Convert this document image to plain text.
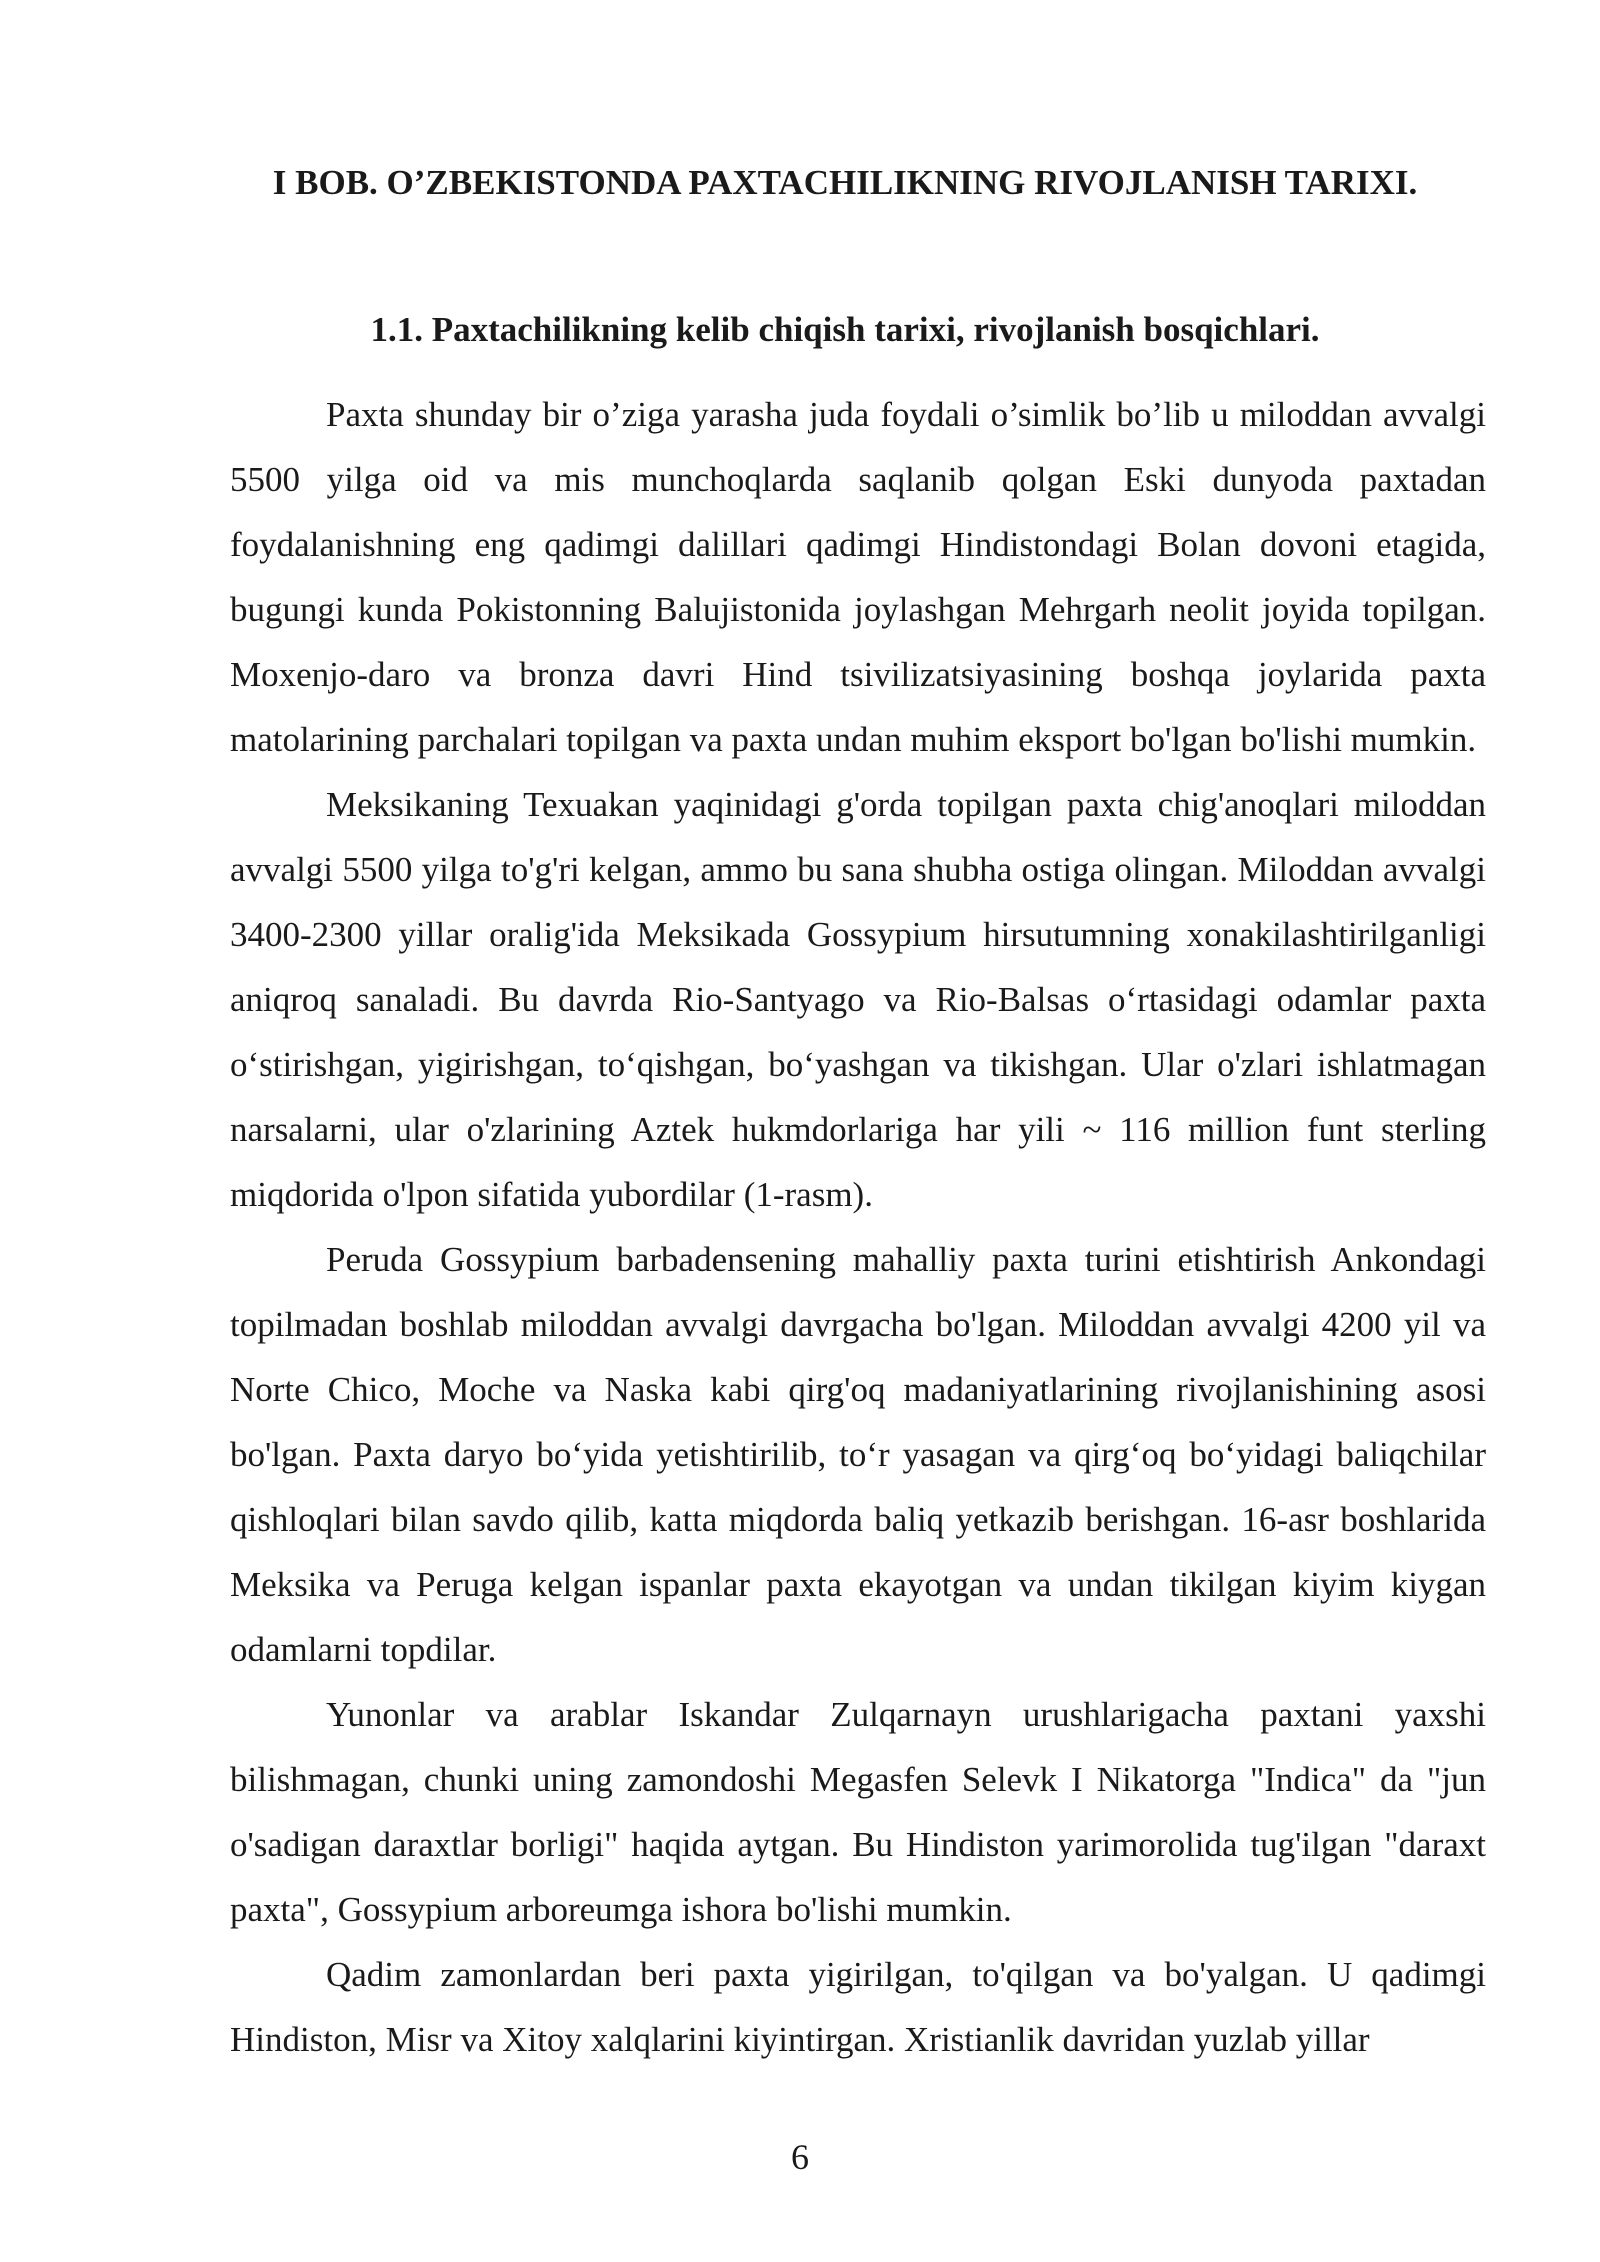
I BOB. O’ZBEKISTONDA PAXTACHILIKNING RIVOJLANISH TARIXI.
1.1. Paxtachilikning kelib chiqish tarixi, rivojlanish bosqichlari.

Paxta shunday bir o’ziga yarasha juda foydali o’simlik bo’lib u miloddan avvalgi 5500 yilga oid va mis munchoqlarda saqlanib qolgan Eski dunyoda paxtadan foydalanishning eng qadimgi dalillari qadimgi Hindistondagi Bolan dovoni etagida, bugungi kunda Pokistonning Balujistonida joylashgan Mehrgarh neolit joyida topilgan. Moxenjo-daro va bronza davri Hind tsivilizatsiyasining boshqa joylarida paxta matolarining parchalari topilgan va paxta undan muhim eksport bo'lgan bo'lishi mumkin.

Meksikaning Texuakan yaqinidagi g'orda topilgan paxta chig'anoqlari miloddan avvalgi 5500 yilga to'g'ri kelgan, ammo bu sana shubha ostiga olingan. Miloddan avvalgi 3400-2300 yillar oralig'ida Meksikada Gossypium hirsutumning xonakilashtirilganligi aniqroq sanaladi. Bu davrda Rio-Santyago va Rio-Balsas o‘rtasidagi odamlar paxta o‘stirishgan, yigirishgan, to‘qishgan, bo‘yashgan va tikishgan. Ular o'zlari ishlatmagan narsalarni, ular o'zlarining Aztek hukmdorlariga har yili ~ 116 million funt sterling miqdorida o'lpon sifatida yubordilar (1-rasm).

Peruda Gossypium barbadensening mahalliy paxta turini etishtirish Ankondagi topilmadan boshlab miloddan avvalgi davrgacha bo'lgan. Miloddan avvalgi 4200 yil va Norte Chico, Moche va Naska kabi qirg'oq madaniyatlarining rivojlanishining asosi bo'lgan. Paxta daryo bo‘yida yetishtirilib, to‘r yasagan va qirg‘oq bo‘yidagi baliqchilar qishloqlari bilan savdo qilib, katta miqdorda baliq yetkazib berishgan. 16-asr boshlarida Meksika va Peruga kelgan ispanlar paxta ekayotgan va undan tikilgan kiyim kiygan odamlarni topdilar.

Yunonlar va arablar Iskandar Zulqarnayn urushlarigacha paxtani yaxshi bilishmagan, chunki uning zamondoshi Megasfen Selevk I Nikatorga "Indica" da "jun o'sadigan daraxtlar borligi" haqida aytgan. Bu Hindiston yarimorolida tug'ilgan "daraxt paxta", Gossypium arboreumga ishora bo'lishi mumkin.

Qadim zamonlardan beri paxta yigirilgan, to'qilgan va bo'yalgan. U qadimgi Hindiston, Misr va Xitoy xalqlarini kiyintirgan. Xristianlik davridan yuzlab yillar

6
